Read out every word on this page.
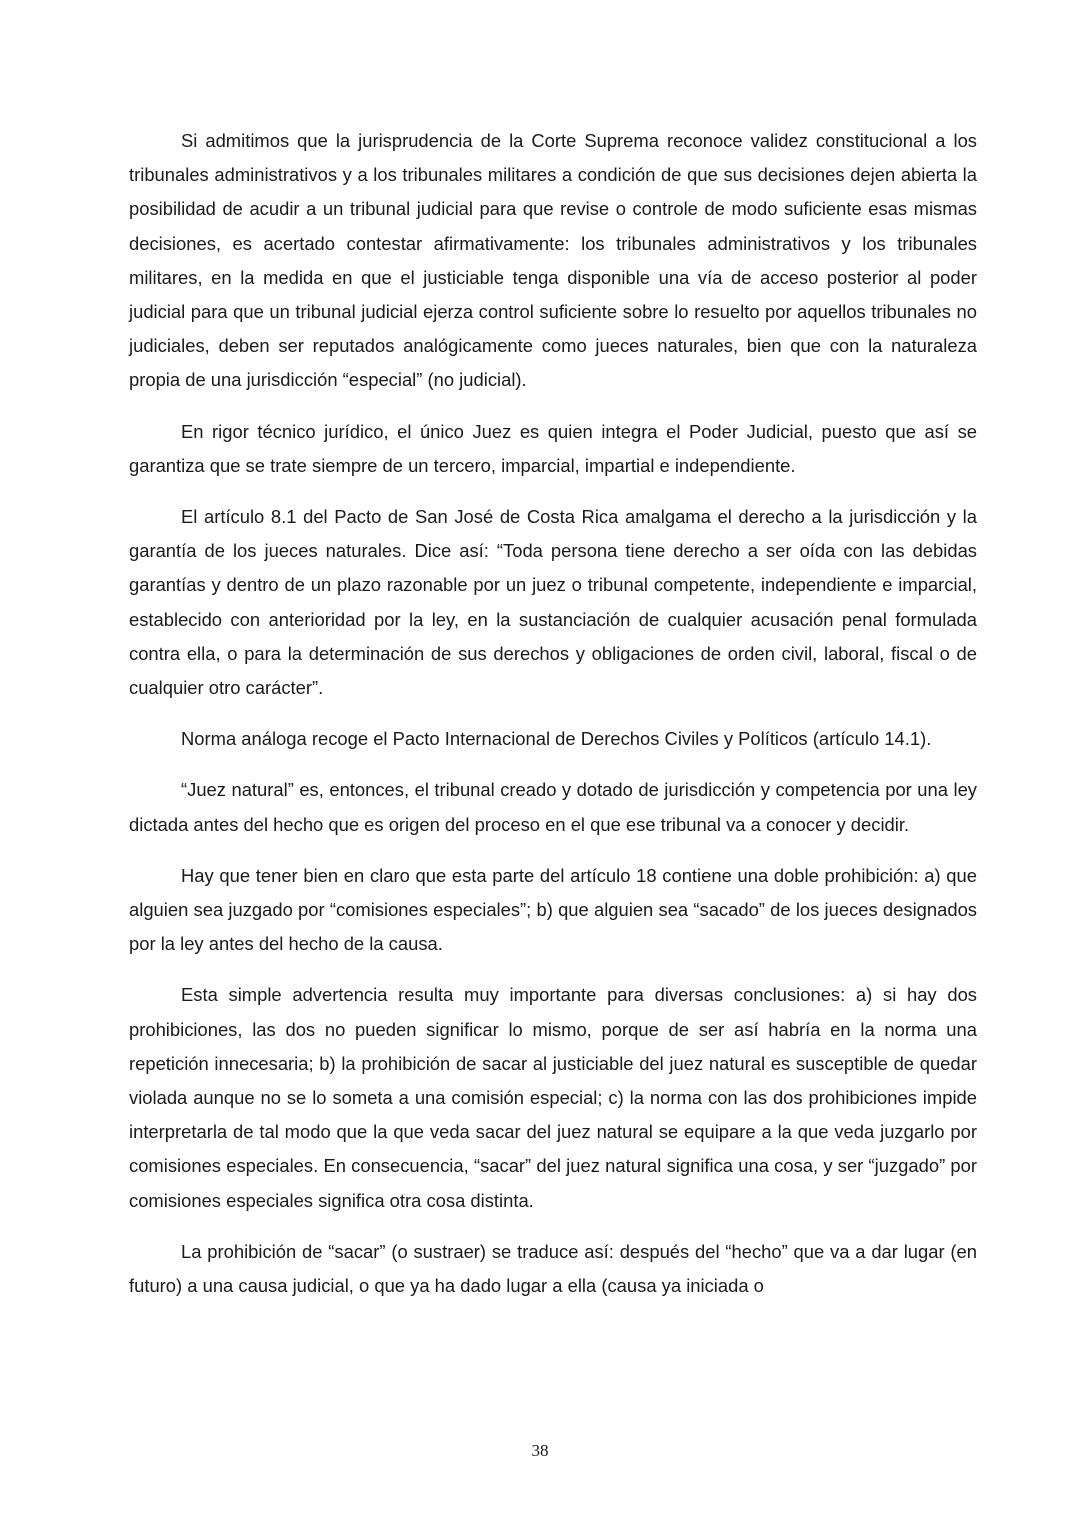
Si admitimos que la jurisprudencia de la Corte Suprema reconoce validez constitucional a los tribunales administrativos y a los tribunales militares a condición de que sus decisiones dejen abierta la posibilidad de acudir a un tribunal judicial para que revise o controle de modo suficiente esas mismas decisiones, es acertado contestar afirmativamente: los tribunales administrativos y los tribunales militares, en la medida en que el justiciable tenga disponible una vía de acceso posterior al poder judicial para que un tribunal judicial ejerza control suficiente sobre lo resuelto por aquellos tribunales no judiciales, deben ser reputados analógicamente como jueces naturales, bien que con la naturaleza propia de una jurisdicción “especial” (no judicial).

En rigor técnico jurídico, el único Juez es quien integra el Poder Judicial, puesto que así se garantiza que se trate siempre de un tercero, imparcial, impartial e independiente.

El artículo 8.1 del Pacto de San José de Costa Rica amalgama el derecho a la jurisdicción y la garantía de los jueces naturales. Dice así: “Toda persona tiene derecho a ser oída con las debidas garantías y dentro de un plazo razonable por un juez o tribunal competente, independiente e imparcial, establecido con anterioridad por la ley, en la sustanciación de cualquier acusación penal formulada contra ella, o para la determinación de sus derechos y obligaciones de orden civil, laboral, fiscal o de cualquier otro carácter”.

Norma análoga recoge el Pacto Internacional de Derechos Civiles y Políticos (artículo 14.1).

“Juez natural” es, entonces, el tribunal creado y dotado de jurisdicción y competencia por una ley dictada antes del hecho que es origen del proceso en el que ese tribunal va a conocer y decidir.

Hay que tener bien en claro que esta parte del artículo 18 contiene una doble prohibición: a) que alguien sea juzgado por “comisiones especiales”; b) que alguien sea “sacado” de los jueces designados por la ley antes del hecho de la causa.

Esta simple advertencia resulta muy importante para diversas conclusiones: a) si hay dos prohibiciones, las dos no pueden significar lo mismo, porque de ser así habría en la norma una repetición innecesaria; b) la prohibición de sacar al justiciable del juez natural es susceptible de quedar violada aunque no se lo someta a una comisión especial; c) la norma con las dos prohibiciones impide interpretarla de tal modo que la que veda sacar del juez natural se equipare a la que veda juzgarlo por comisiones especiales. En consecuencia, “sacar” del juez natural significa una cosa, y ser “juzgado” por comisiones especiales significa otra cosa distinta.

La prohibición de “sacar” (o sustraer) se traduce así: después del “hecho” que va a dar lugar (en futuro) a una causa judicial, o que ya ha dado lugar a ella (causa ya iniciada o

38
